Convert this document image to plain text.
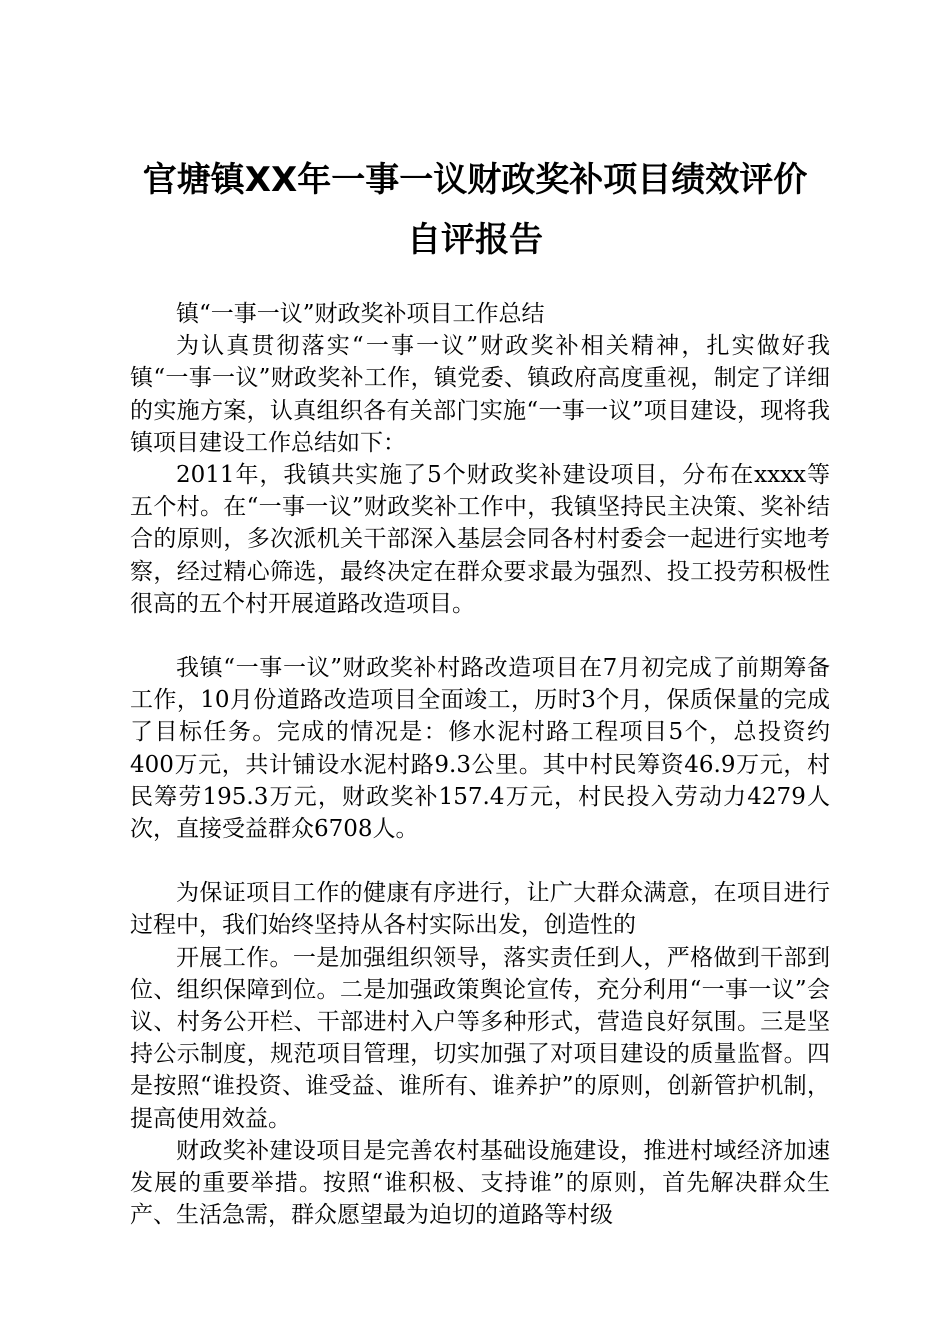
官塘镇XX年一事一议财政奖补项目绩效评价
自评报告

镇“一事一议”财政奖补项目工作总结

为认真贯彻落实“一事一议”财政奖补相关精神，扎实做好我镇“一事一议”财政奖补工作，镇党委、镇政府高度重视，制定了详细的实施方案，认真组织各有关部门实施“一事一议”项目建设，现将我镇项目建设工作总结如下：

2011年，我镇共实施了5个财政奖补建设项目，分布在xxxx等五个村。在“一事一议”财政奖补工作中，我镇坚持民主决策、奖补结合的原则，多次派机关干部深入基层会同各村村委会一起进行实地考察，经过精心筛选，最终决定在群众要求最为强烈、投工投劳积极性很高的五个村开展道路改造项目。

我镇“一事一议”财政奖补村路改造项目在7月初完成了前期筹备工作，10月份道路改造项目全面竣工，历时3个月，保质保量的完成了目标任务。完成的情况是：修水泥村路工程项目5个，总投资约400万元，共计铺设水泥村路9.3公里。其中村民筹资46.9万元，村民筹劳195.3万元，财政奖补157.4万元，村民投入劳动力4279人次，直接受益群众6708人。

为保证项目工作的健康有序进行，让广大群众满意，在项目进行过程中，我们始终坚持从各村实际出发，创造性的

开展工作。一是加强组织领导，落实责任到人，严格做到干部到位、组织保障到位。二是加强政策舆论宣传，充分利用“一事一议”会议、村务公开栏、干部进村入户等多种形式，营造良好氛围。三是坚持公示制度，规范项目管理，切实加强了对项目建设的质量监督。四是按照“谁投资、谁受益、谁所有、谁养护”的原则，创新管护机制，提高使用效益。

财政奖补建设项目是完善农村基础设施建设，推进村域经济加速发展的重要举措。按照“谁积极、支持谁”的原则，首先解决群众生产、生活急需，群众愿望最为迫切的道路等村级
